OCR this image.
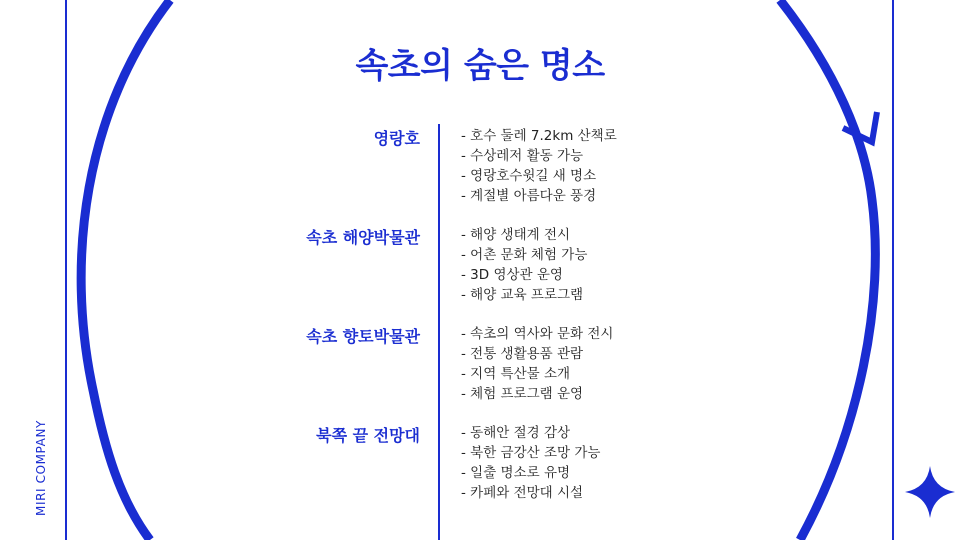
속초의 숨은 명소
영랑호	- 호수 둘레 7.2km 산책로
- 수상레저 활동 가능
- 영랑호수윗길 새 명소
- 계절별 아름다운 풍경
속초 해양박물관	- 해양 생태계 전시
- 어촌 문화 체험 가능
- 3D 영상관 운영
- 해양 교육 프로그램
속초 향토박물관	- 속초의 역사와 문화 전시
- 전통 생활용품 관람
- 지역 특산물 소개
- 체험 프로그램 운영
북쪽 끝 전망대	- 동해안 절경 감상
- 북한 금강산 조망 가능
- 일출 명소로 유명
- 카페와 전망대 시설
MIRI COMPANY
